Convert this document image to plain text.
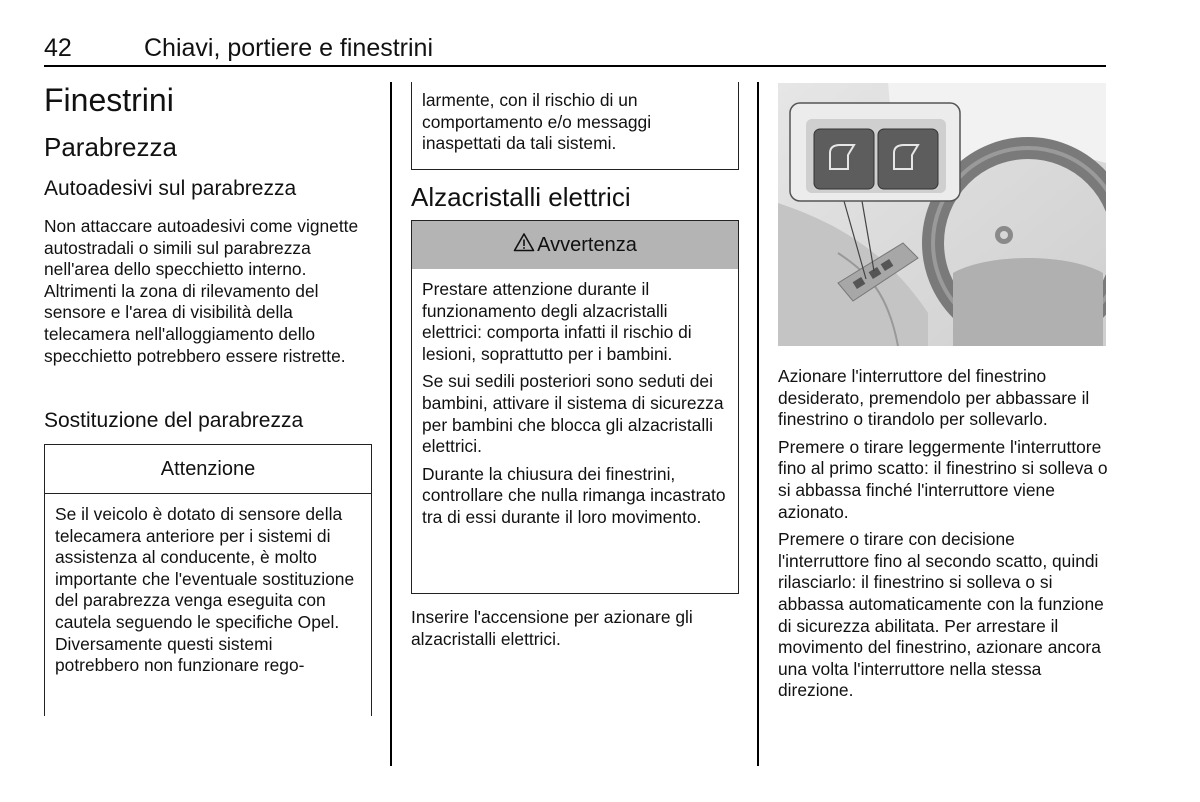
42	Chiavi, portiere e finestrini
Finestrini
Parabrezza
Autoadesivi sul parabrezza

Non attaccare autoadesivi come vignette autostradali o simili sul parabrezza nell'area dello specchietto interno. Altrimenti la zona di rilevamento del sensore e l'area di visibilità della telecamera nell'alloggiamento dello specchietto potrebbero essere ristrette.

Sostituzione del parabrezza
Attenzione

Se il veicolo è dotato di sensore della telecamera anteriore per i sistemi di assistenza al conducente, è molto importante che l'eventuale sostituzione del parabrezza venga eseguita con cautela seguendo le specifiche Opel. Diversamente questi sistemi potrebbero non funzionare rego-

larmente, con il rischio di un comportamento e/o messaggi inaspettati da tali sistemi.

Alzacristalli elettrici
Avvertenza

Prestare attenzione durante il funzionamento degli alzacristalli elettrici: comporta infatti il rischio di lesioni, soprattutto per i bambini.

Se sui sedili posteriori sono seduti dei bambini, attivare il sistema di sicurezza per bambini che blocca gli alzacristalli elettrici.

Durante la chiusura dei finestrini, controllare che nulla rimanga incastrato tra di essi durante il loro movimento.

Inserire l'accensione per azionare gli alzacristalli elettrici.

Azionare l'interruttore del finestrino desiderato, premendolo per abbassare il finestrino o tirandolo per sollevarlo.

Premere o tirare leggermente l'interruttore fino al primo scatto: il finestrino si solleva o si abbassa finché l'interruttore viene azionato.

Premere o tirare con decisione l'interruttore fino al secondo scatto, quindi rilasciarlo: il finestrino si solleva o si abbassa automaticamente con la funzione di sicurezza abilitata. Per arrestare il movimento del finestrino, azionare ancora una volta l'interruttore nella stessa direzione.
